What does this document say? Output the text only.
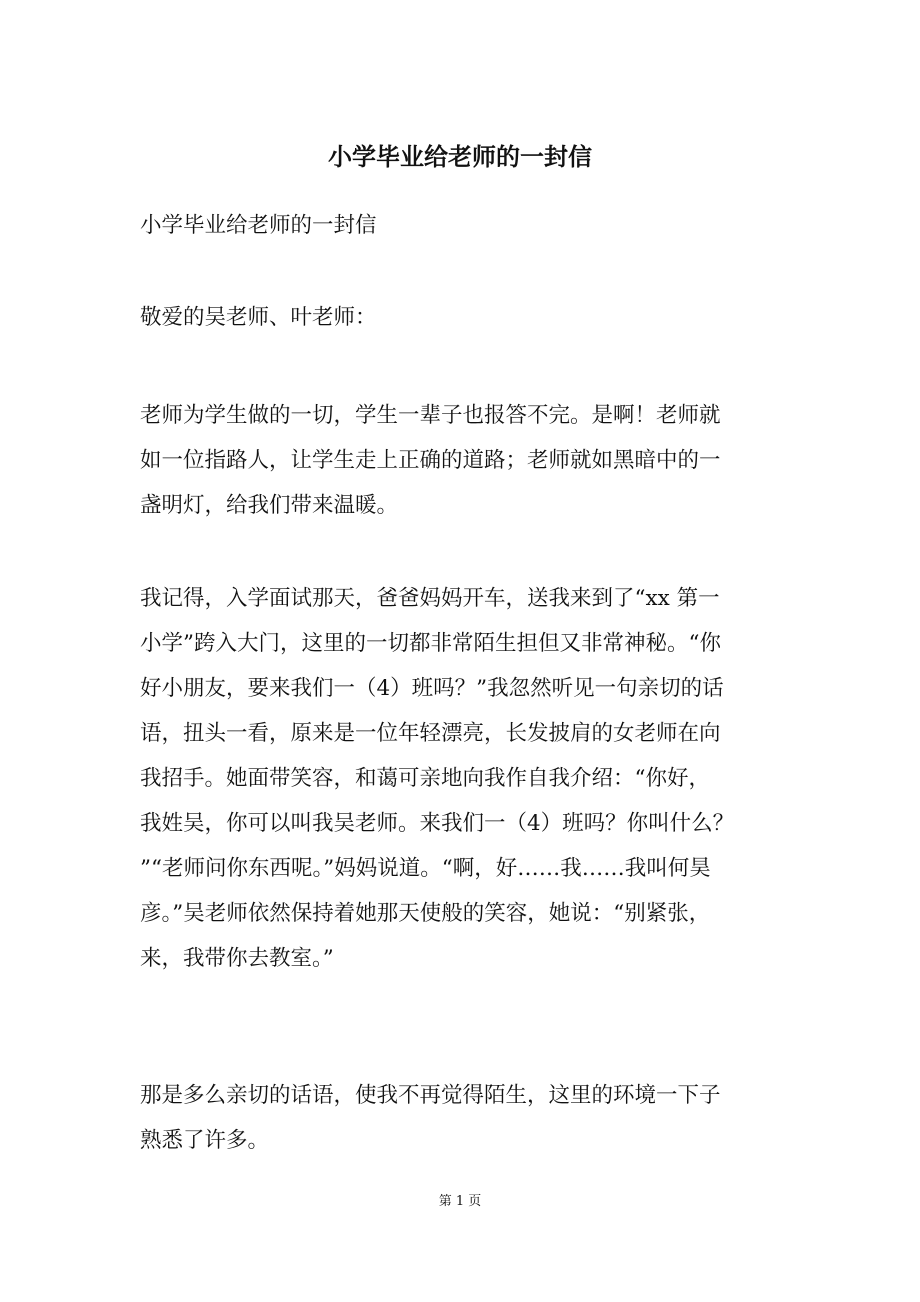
小学毕业给老师的一封信
小学毕业给老师的一封信
敬爱的吴老师、叶老师：
老师为学生做的一切，学生一辈子也报答不完。是啊！老师就
如一位指路人，让学生走上正确的道路；老师就如黑暗中的一
盏明灯，给我们带来温暖。
我记得，入学面试那天，爸爸妈妈开车，送我来到了“xx 第一
小学”跨入大门，这里的一切都非常陌生担但又非常神秘。“你
好小朋友，要来我们一（4）班吗？”我忽然听见一句亲切的话
语，扭头一看，原来是一位年轻漂亮，长发披肩的女老师在向
我招手。她面带笑容，和蔼可亲地向我作自我介绍：“你好，
我姓吴，你可以叫我吴老师。来我们一（4）班吗？你叫什么？
”“老师问你东西呢。”妈妈说道。“啊，好……我……我叫何昊
彦。”吴老师依然保持着她那天使般的笑容，她说：“别紧张，
来，我带你去教室。”
那是多么亲切的话语，使我不再觉得陌生，这里的环境一下子
熟悉了许多。
第 1 页
